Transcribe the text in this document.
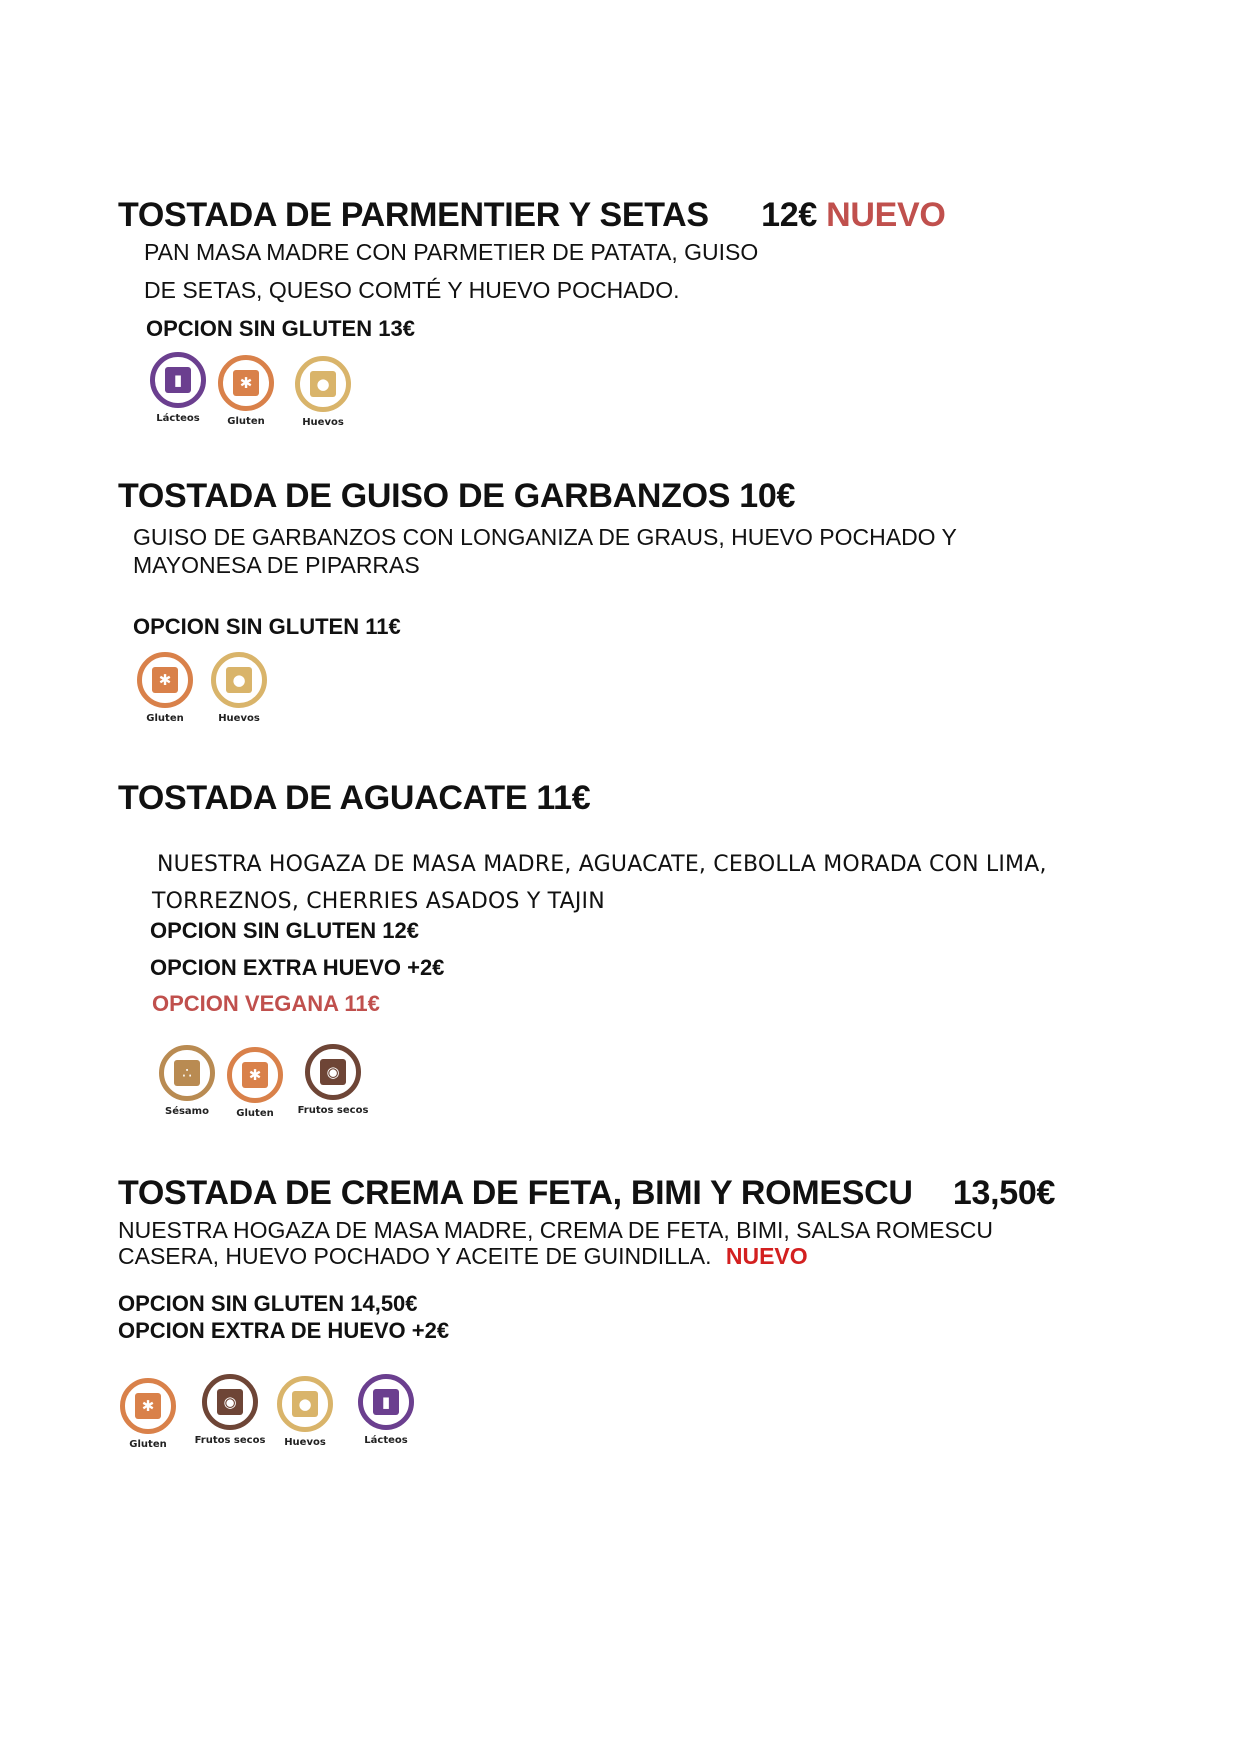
TOSTADA DE PARMENTIER Y SETAS 12€ NUEVO
PAN MASA MADRE CON PARMETIER DE PATATA, GUISO
DE SETAS, QUESO COMTÉ Y HUEVO POCHADO.
OPCION SIN GLUTEN 13€
▮
Lácteos
✱
Gluten
●
Huevos
TOSTADA DE GUISO DE GARBANZOS 10€
GUISO DE GARBANZOS CON LONGANIZA DE GRAUS, HUEVO POCHADO Y
MAYONESA DE PIPARRAS
OPCION SIN GLUTEN 11€
✱
Gluten
●
Huevos
TOSTADA DE AGUACATE 11€
NUESTRA HOGAZA DE MASA MADRE, AGUACATE, CEBOLLA MORADA CON LIMA,
TORREZNOS, CHERRIES ASADOS Y TAJIN
OPCION SIN GLUTEN 12€
OPCION EXTRA HUEVO +2€
OPCION VEGANA 11€
∴
Sésamo
✱
Gluten
◉
Frutos secos
TOSTADA DE CREMA DE FETA, BIMI Y ROMESCU 13,50€
NUESTRA HOGAZA DE MASA MADRE, CREMA DE FETA, BIMI, SALSA ROMESCU
CASERA, HUEVO POCHADO Y ACEITE DE GUINDILLA. NUEVO
OPCION SIN GLUTEN 14,50€
OPCION EXTRA DE HUEVO +2€
✱
Gluten
◉
Frutos secos
●
Huevos
▮
Lácteos
